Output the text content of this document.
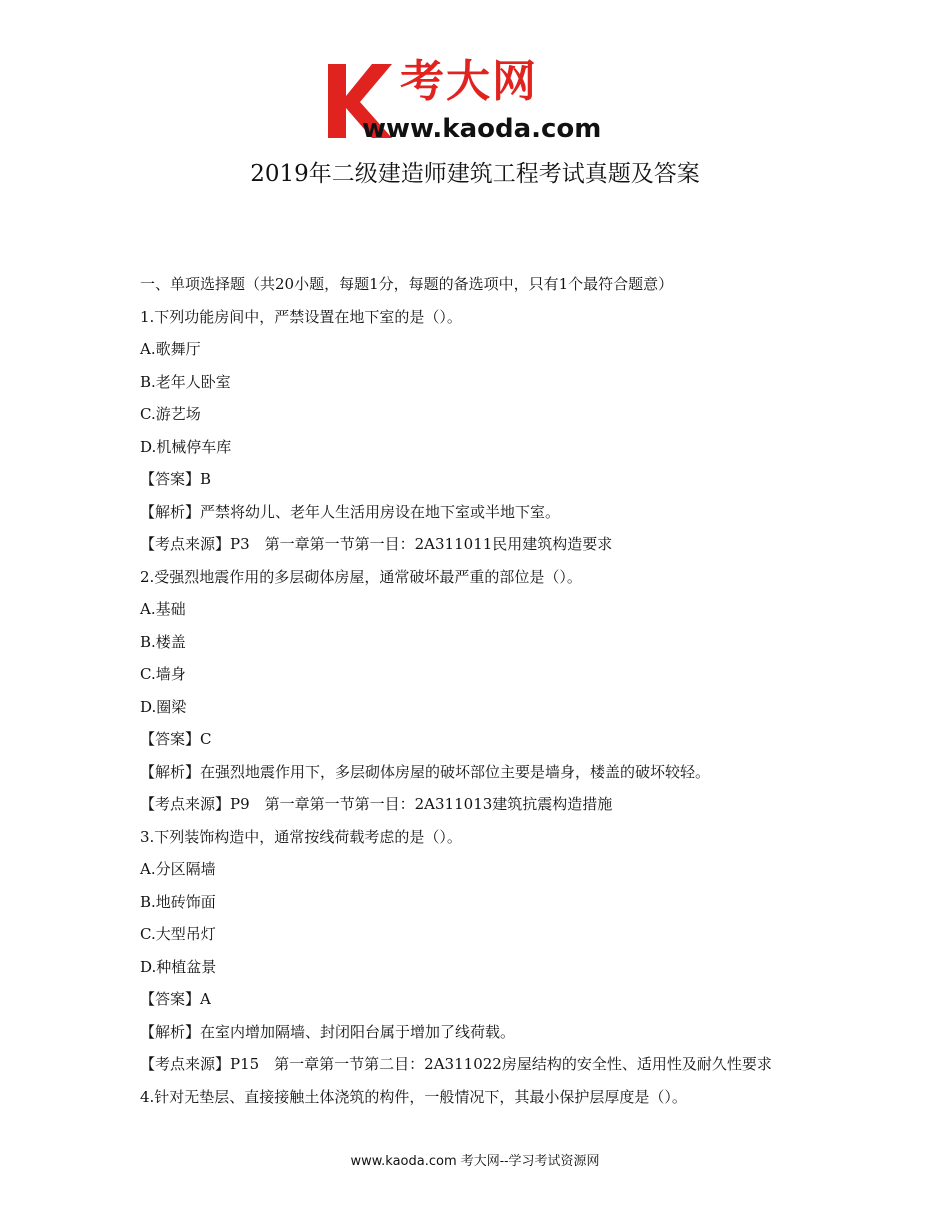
考大网
www.kaoda.com
2019年二级建造师建筑工程考试真题及答案
一、单项选择题（共20小题，每题1分，每题的备选项中，只有1个最符合题意）
1.下列功能房间中，严禁设置在地下室的是（）。
A.歌舞厅
B.老年人卧室
C.游艺场
D.机械停车库
【答案】B
【解析】严禁将幼儿、老年人生活用房设在地下室或半地下室。
【考点来源】P3　第一章第一节第一目：2A311011民用建筑构造要求
2.受强烈地震作用的多层砌体房屋，通常破坏最严重的部位是（）。
A.基础
B.楼盖
C.墙身
D.圈梁
【答案】C
【解析】在强烈地震作用下，多层砌体房屋的破坏部位主要是墙身，楼盖的破坏较轻。
【考点来源】P9　第一章第一节第一目：2A311013建筑抗震构造措施
3.下列装饰构造中，通常按线荷载考虑的是（）。
A.分区隔墙
B.地砖饰面
C.大型吊灯
D.种植盆景
【答案】A
【解析】在室内增加隔墙、封闭阳台属于增加了线荷载。
【考点来源】P15　第一章第一节第二目：2A311022房屋结构的安全性、适用性及耐久性要求
4.针对无垫层、直接接触土体浇筑的构件，一般情况下，其最小保护层厚度是（）。
www.kaoda.com 考大网--学习考试资源网
